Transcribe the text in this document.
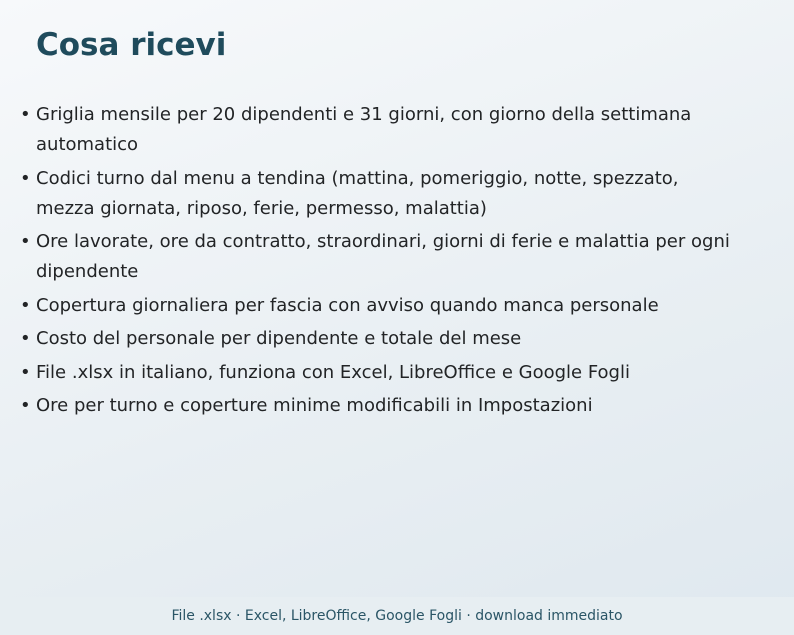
Cosa ricevi
• Griglia mensile per 20 dipendenti e 31 giorni, con giorno della settimana automatico
• Codici turno dal menu a tendina (mattina, pomeriggio, notte, spezzato, mezza giornata, riposo, ferie, permesso, malattia)
• Ore lavorate, ore da contratto, straordinari, giorni di ferie e malattia per ogni dipendente
• Copertura giornaliera per fascia con avviso quando manca personale
• Costo del personale per dipendente e totale del mese
• File .xlsx in italiano, funziona con Excel, LibreOffice e Google Fogli
• Ore per turno e coperture minime modificabili in Impostazioni
File .xlsx · Excel, LibreOffice, Google Fogli · download immediato
